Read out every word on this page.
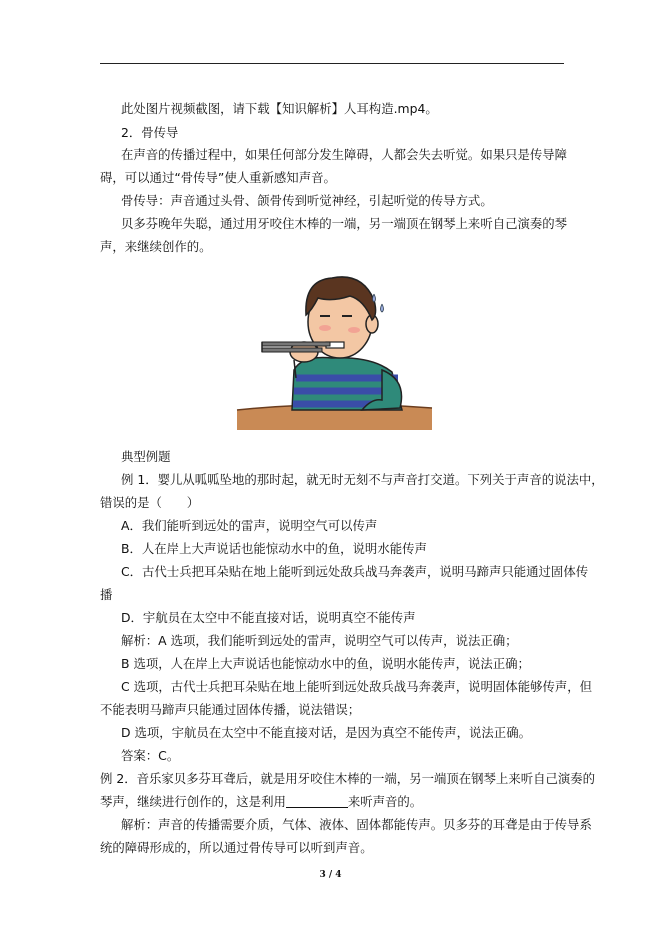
此处图片视频截图，请下载【知识解析】人耳构造.mp4。
2．骨传导
在声音的传播过程中，如果任何部分发生障碍，人都会失去听觉。如果只是传导障
碍，可以通过“骨传导”使人重新感知声音。
骨传导：声音通过头骨、颌骨传到听觉神经，引起听觉的传导方式。
贝多芬晚年失聪，通过用牙咬住木棒的一端，另一端顶在钢琴上来听自己演奏的琴
声，来继续创作的。
典型例题
例 1．婴儿从呱呱坠地的那时起，就无时无刻不与声音打交道。下列关于声音的说法中，
错误的是（　　）
A．我们能听到远处的雷声，说明空气可以传声
B．人在岸上大声说话也能惊动水中的鱼，说明水能传声
C．古代士兵把耳朵贴在地上能听到远处敌兵战马奔袭声，说明马蹄声只能通过固体传
播
D．宇航员在太空中不能直接对话，说明真空不能传声
解析：A 选项，我们能听到远处的雷声，说明空气可以传声，说法正确；
B 选项，人在岸上大声说话也能惊动水中的鱼，说明水能传声，说法正确；
C 选项，古代士兵把耳朵贴在地上能听到远处敌兵战马奔袭声，说明固体能够传声，但
不能表明马蹄声只能通过固体传播，说法错误；
D 选项，宇航员在太空中不能直接对话，是因为真空不能传声，说法正确。
答案：C。
例 2．音乐家贝多芬耳聋后，就是用牙咬住木棒的一端，另一端顶在钢琴上来听自己演奏的
琴声，继续进行创作的，这是利用	来听声音的。
解析：声音的传播需要介质，气体、液体、固体都能传声。贝多芬的耳聋是由于传导系
统的障碍形成的，所以通过骨传导可以听到声音。
3 / 4
